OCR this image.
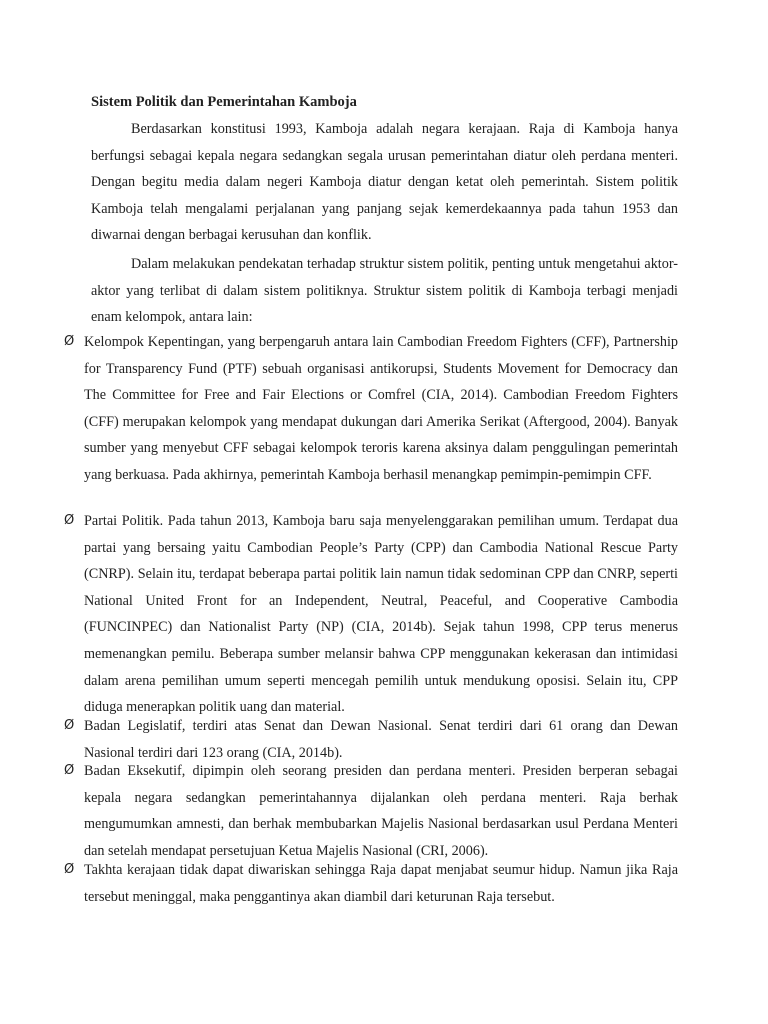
Sistem Politik dan Pemerintahan Kamboja

Berdasarkan konstitusi 1993, Kamboja adalah negara kerajaan. Raja di Kamboja hanya berfungsi sebagai kepala negara sedangkan segala urusan pemerintahan diatur oleh perdana menteri. Dengan begitu media dalam negeri Kamboja diatur dengan ketat oleh pemerintah. Sistem politik Kamboja telah mengalami perjalanan yang panjang sejak kemerdekaannya pada tahun 1953 dan diwarnai dengan berbagai kerusuhan dan konflik.

Dalam melakukan pendekatan terhadap struktur sistem politik, penting untuk mengetahui aktor-aktor yang terlibat di dalam sistem politiknya. Struktur sistem politik di Kamboja terbagi menjadi enam kelompok, antara lain:

Ø Kelompok Kepentingan, yang berpengaruh antara lain Cambodian Freedom Fighters (CFF), Partnership for Transparency Fund (PTF) sebuah organisasi antikorupsi, Students Movement for Democracy dan The Committee for Free and Fair Elections or Comfrel (CIA, 2014). Cambodian Freedom Fighters (CFF) merupakan kelompok yang mendapat dukungan dari Amerika Serikat (Aftergood, 2004). Banyak sumber yang menyebut CFF sebagai kelompok teroris karena aksinya dalam penggulingan pemerintah yang berkuasa. Pada akhirnya, pemerintah Kamboja berhasil menangkap pemimpin-pemimpin CFF.

Ø Partai Politik. Pada tahun 2013, Kamboja baru saja menyelenggarakan pemilihan umum. Terdapat dua partai yang bersaing yaitu Cambodian People’s Party (CPP) dan Cambodia National Rescue Party (CNRP). Selain itu, terdapat beberapa partai politik lain namun tidak sedominan CPP dan CNRP, seperti National United Front for an Independent, Neutral, Peaceful, and Cooperative Cambodia (FUNCINPEC) dan Nationalist Party (NP) (CIA, 2014b). Sejak tahun 1998, CPP terus menerus memenangkan pemilu. Beberapa sumber melansir bahwa CPP menggunakan kekerasan dan intimidasi dalam arena pemilihan umum seperti mencegah pemilih untuk mendukung oposisi. Selain itu, CPP diduga menerapkan politik uang dan material.

Ø Badan Legislatif, terdiri atas Senat dan Dewan Nasional. Senat terdiri dari 61 orang dan Dewan Nasional terdiri dari 123 orang (CIA, 2014b).

Ø Badan Eksekutif, dipimpin oleh seorang presiden dan perdana menteri. Presiden berperan sebagai kepala negara sedangkan pemerintahannya dijalankan oleh perdana menteri. Raja berhak mengumumkan amnesti, dan berhak membubarkan Majelis Nasional berdasarkan usul Perdana Menteri dan setelah mendapat persetujuan Ketua Majelis Nasional (CRI, 2006).

Ø Takhta kerajaan tidak dapat diwariskan sehingga Raja dapat menjabat seumur hidup. Namun jika Raja tersebut meninggal, maka penggantinya akan diambil dari keturunan Raja tersebut.
